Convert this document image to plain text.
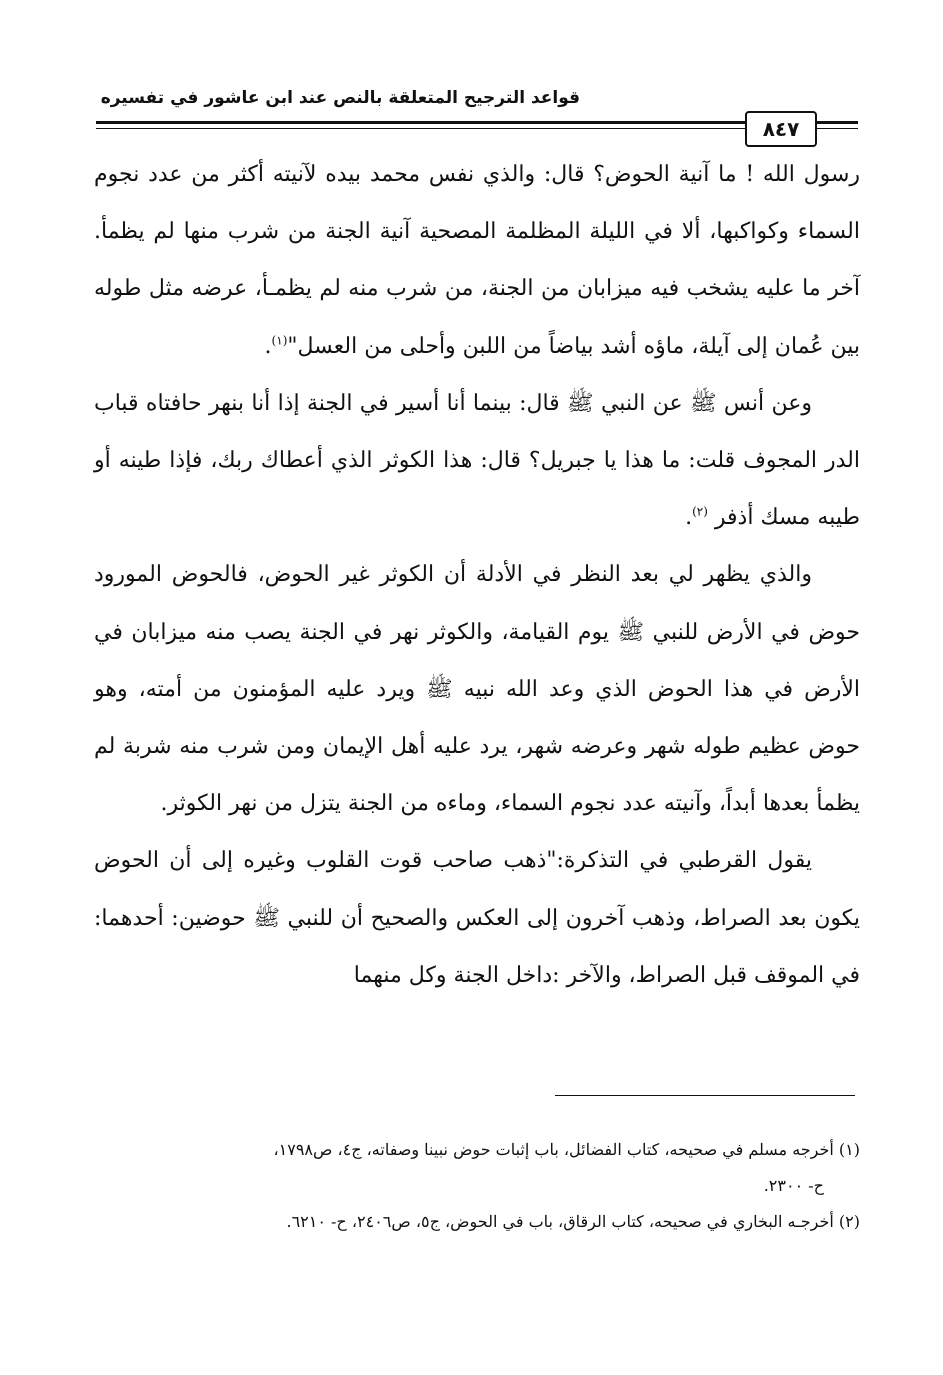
قواعد الترجيح المتعلقة بالنص عند ابن عاشور في تفسيره
٨٤٧

رسول الله ! ما آنية الحوض؟ قال: والذي نفس محمد بيده لآنيته أكثر من عدد نجوم السماء وكواكبها، ألا في الليلة المظلمة المصحية آنية الجنة من شرب منها لم يظمأ. آخر ما عليه يشخب فيه ميزابان من الجنة، من شرب منه لم يظمـأ، عرضه مثل طوله بين عُمان إلى آيلة، ماؤه أشد بياضاً من اللبن وأحلى من العسل"$^{(١)}$.

وعن أنس ﷺ عن النبي ﷺ قال: بينما أنا أسير في الجنة إذا أنا بنهر حافتاه قباب الدر المجوف قلت: ما هذا يا جبريل؟ قال: هذا الكوثر الذي أعطاك ربك، فإذا طينه أو طيبه مسك أذفر $^{(٢)}$.

والذي يظهر لي بعد النظر في الأدلة أن الكوثر غير الحوض، فالحوض المورود حوض في الأرض للنبي ﷺ يوم القيامة، والكوثر نهر في الجنة يصب منه ميزابان في الأرض في هذا الحوض الذي وعد الله نبيه ﷺ ويرد عليه المؤمنون من أمته، وهو حوض عظيم طوله شهر وعرضه شهر، يرد عليه أهل الإيمان ومن شرب منه شربة لم يظمأ بعدها أبداً، وآنيته عدد نجوم السماء، وماءه من الجنة يتزل من نهر الكوثر.

يقول القرطبي في التذكرة:"ذهب صاحب قوت القلوب وغيره إلى أن الحوض يكون بعد الصراط، وذهب آخرون إلى العكس والصحيح أن للنبي ﷺ حوضين: أحدهما: في الموقف قبل الصراط، والآخر :داخل الجنة وكل منهما

(١) أخرجه مسلم في صحيحه، كتاب الفضائل، باب إثبات حوض نبينا وصفاته، ج٤، ص١٧٩٨،

ح- ٢٣٠٠.

(٢) أخرجـه البخاري في صحيحه، كتاب الرقاق، باب في الحوض، ج٥، ص٢٤٠٦، ح- ٦٢١٠.
